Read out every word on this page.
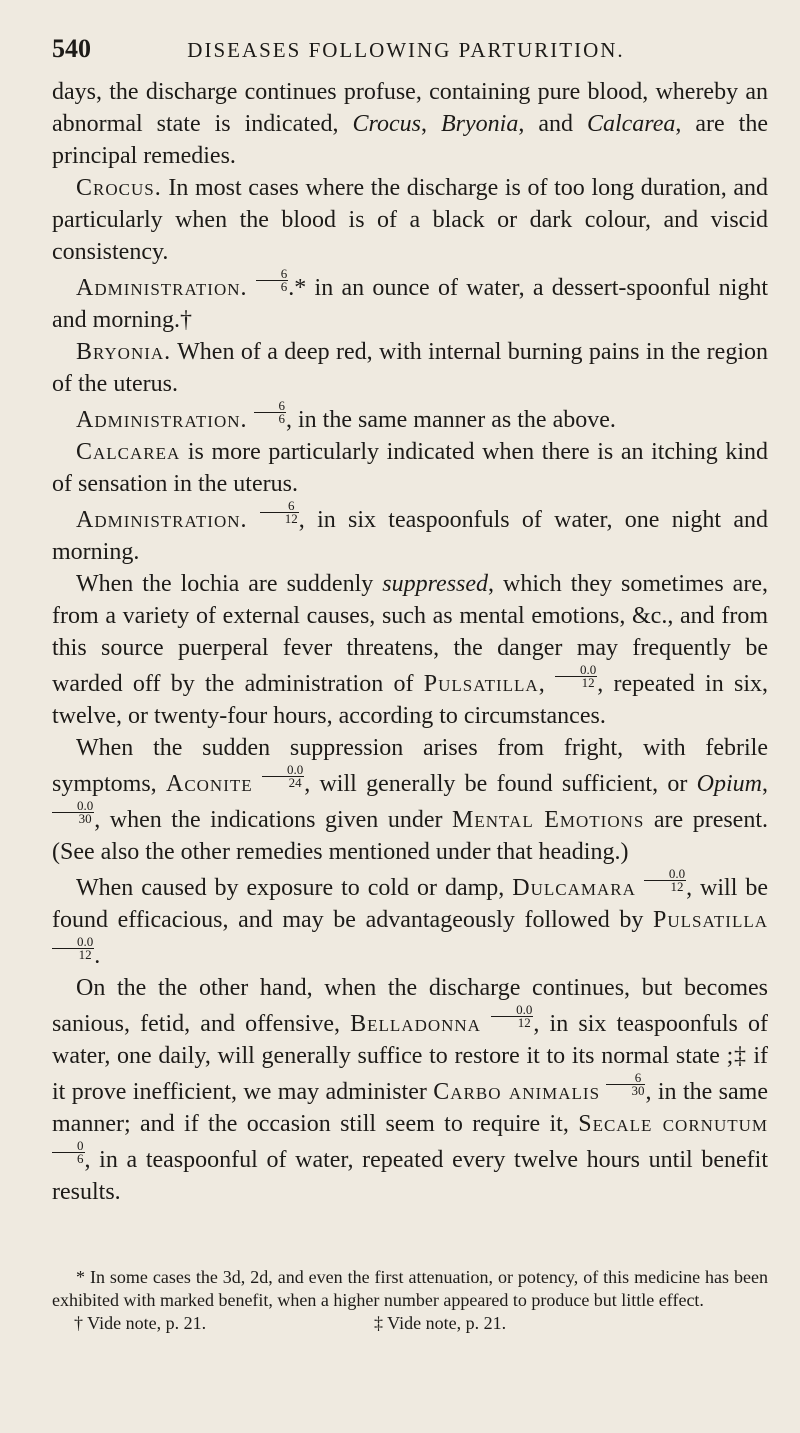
540	DISEASES FOLLOWING PARTURITION.

days, the discharge continues profuse, containing pure blood, whereby an abnormal state is indicated, Crocus, Bryonia, and Calcarea, are the principal remedies.

Crocus. In most cases where the discharge is of too long duration, and particularly when the blood is of a black or dark colour, and viscid consistency.

Administration. $\frac{6}{6}$ .* in an ounce of water, a dessert-spoonful night and morning.†

Bryonia. When of a deep red, with internal burning pains in the region of the uterus.

Administration. $\frac{6}{6}$ , in the same manner as the above.

Calcarea is more particularly indicated when there is an itching kind of sensation in the uterus.

Administration. $\frac{6}{12}$ , in six teaspoonfuls of water, one night and morning.

When the lochia are suddenly suppressed, which they sometimes are, from a variety of external causes, such as mental emotions, &c., and from this source puerperal fever threatens, the danger may frequently be warded off by the administration of Pulsatilla, $\frac{0.0}{12}$ , repeated in six, twelve, or twenty-four hours, according to circumstances.

When the sudden suppression arises from fright, with febrile symptoms, Aconite $\frac{0.0}{24}$ , will generally be found sufficient, or Opium,
$\frac{0.0}{30}$ , when the indications given under Mental Emotions are present. (See also the other remedies mentioned under that heading.)

When caused by exposure to cold or damp, Dulcamara $\frac{0.0}{12}$ , will be found efficacious, and may be advantageously followed by Pulsatilla
$\frac{0.0}{12}$ .

On the the other hand, when the discharge continues, but becomes sanious, fetid, and offensive, Belladonna $\frac{0.0}{12}$ , in six teaspoonfuls of water, one daily, will generally suffice to restore it to its normal state ;‡ if it prove inefficient, we may administer Carbo animalis $\frac{6}{30}$ , in the same manner; and if the occasion still seem to require it, Secale cornutum
$\frac{0}{6}$ , in a teaspoonful of water, repeated every twelve hours until benefit results.

* In some cases the 3d, 2d, and even the first attenuation, or potency, of this medicine has been exhibited with marked benefit, when a higher number appeared to produce but little effect.

† Vide note, p. 21.	‡ Vide note, p. 21.
